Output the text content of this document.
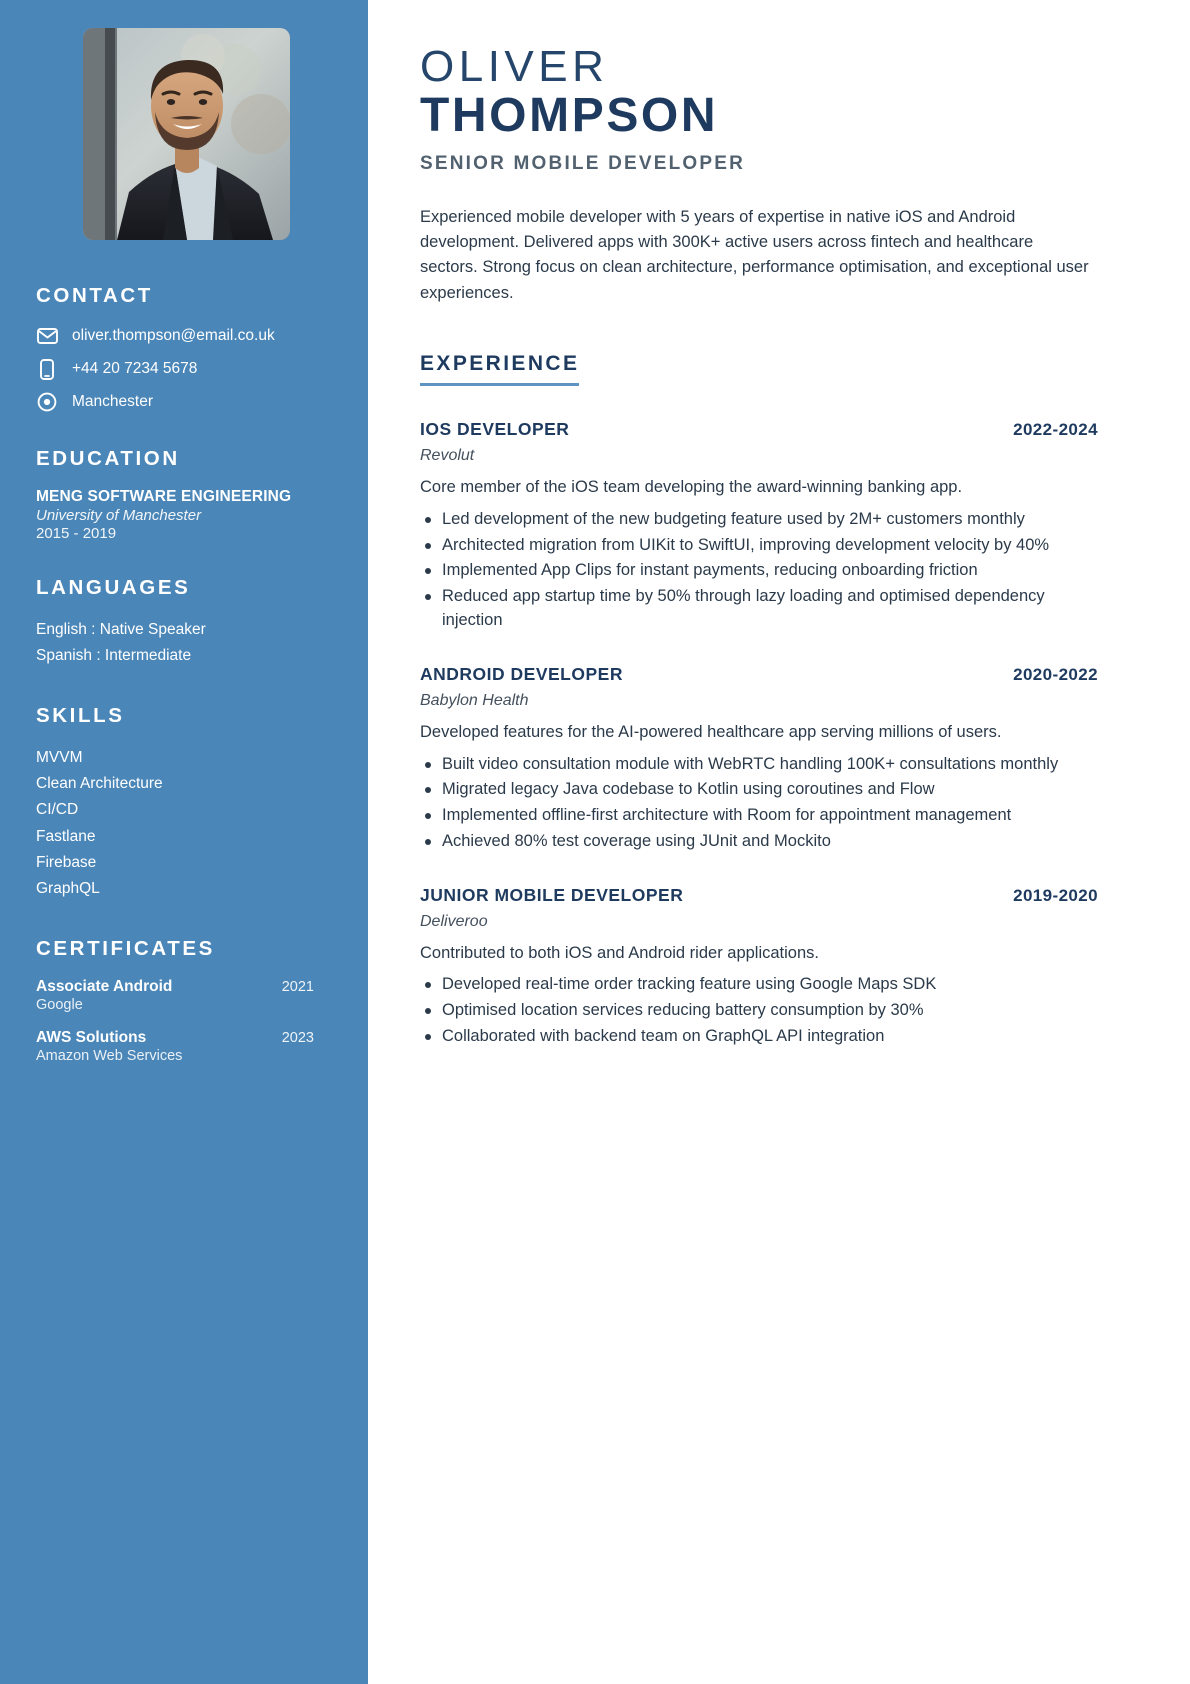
CONTACT
oliver.thompson@email.co.uk
+44 20 7234 5678
Manchester
EDUCATION
MENG SOFTWARE ENGINEERING
University of Manchester
2015 - 2019
LANGUAGES
English : Native Speaker
Spanish : Intermediate
SKILLS
MVVM
Clean Architecture
CI/CD
Fastlane
Firebase
GraphQL
CERTIFICATES
Associate Android	2021
Google
AWS Solutions	2023
Amazon Web Services
OLIVER
THOMPSON
SENIOR MOBILE DEVELOPER

Experienced mobile developer with 5 years of expertise in native iOS and Android development. Delivered apps with 300K+ active users across fintech and healthcare sectors. Strong focus on clean architecture, performance optimisation, and exceptional user experiences.

EXPERIENCE
IOS DEVELOPER	2022-2024
Revolut
Core member of the iOS team developing the award-winning banking app.
Led development of the new budgeting feature used by 2M+ customers monthly
Architected migration from UIKit to SwiftUI, improving development velocity by 40%
Implemented App Clips for instant payments, reducing onboarding friction
Reduced app startup time by 50% through lazy loading and optimised dependency injection
ANDROID DEVELOPER	2020-2022
Babylon Health
Developed features for the AI-powered healthcare app serving millions of users.
Built video consultation module with WebRTC handling 100K+ consultations monthly
Migrated legacy Java codebase to Kotlin using coroutines and Flow
Implemented offline-first architecture with Room for appointment management
Achieved 80% test coverage using JUnit and Mockito
JUNIOR MOBILE DEVELOPER	2019-2020
Deliveroo
Contributed to both iOS and Android rider applications.
Developed real-time order tracking feature using Google Maps SDK
Optimised location services reducing battery consumption by 30%
Collaborated with backend team on GraphQL API integration
